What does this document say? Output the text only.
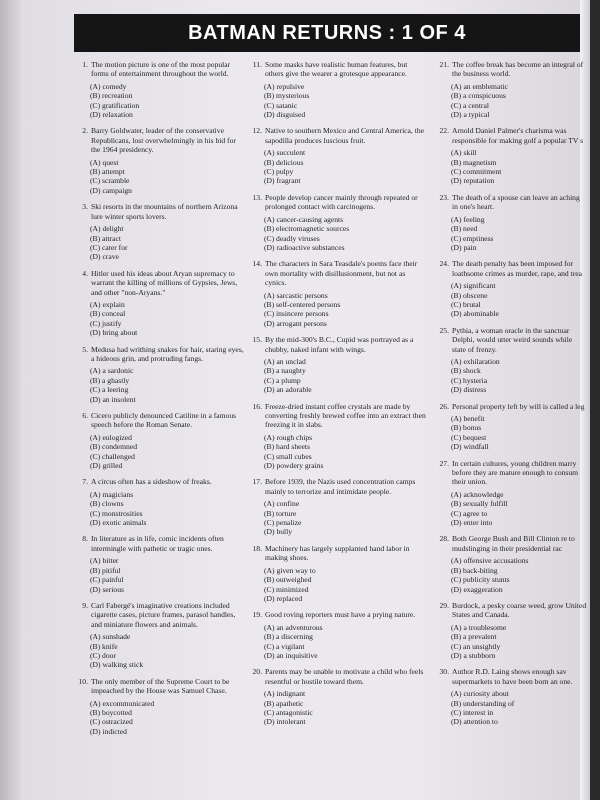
BATMAN RETURNS : 1 OF 4
1. The motion picture is one of the most popular forms of entertainment throughout the world.
(A) comedy
(B) recreation
(C) gratification
(D) relaxation
2. Barry Goldwater, leader of the conservative Republicans, lost overwhelmingly in his bid for the 1964 presidency.
(A) quest
(B) attempt
(C) scramble
(D) campaign
3. Ski resorts in the mountains of northern Arizona lure winter sports lovers.
(A) delight
(B) attract
(C) cater for
(D) crave
4. Hitler used his ideas about Aryan supremacy to warrant the killing of millions of Gypsies, Jews, and other "non-Aryans."
(A) explain
(B) conceal
(C) justify
(D) bring about
5. Medusa had writhing snakes for hair, staring eyes, a hideous grin, and protruding fangs.
(A) a sardonic
(B) a ghastly
(C) a leering
(D) an insolent
6. Cicero publicly denounced Catiline in a famous speech before the Roman Senate.
(A) eulogized
(B) condemned
(C) challenged
(D) grilled
7. A circus often has a sideshow of freaks.
(A) magicians
(B) clowns
(C) monstrosities
(D) exotic animals
8. In literature as in life, comic incidents often intermingle with pathetic or tragic ones.
(A) bitter
(B) pitiful
(C) painful
(D) serious
9. Carl Fabergé's imaginative creations included cigarette cases, picture frames, parasol handles, and miniature flowers and animals.
(A) sunshade
(B) knife
(C) door
(D) walking stick
10. The only member of the Supreme Court to be impeached by the House was Samuel Chase.
(A) excommunicated
(B) boycotted
(C) ostracized
(D) indicted
11. Some masks have realistic human features, but others give the wearer a grotesque appearance.
(A) repulsive
(B) mysterious
(C) satanic
(D) disguised
12. Native to southern Mexico and Central America, the sapodilla produces luscious fruit.
(A) succulent
(B) delicious
(C) pulpy
(D) fragrant
13. People develop cancer mainly through repeated or prolonged contact with carcinogens.
(A) cancer-causing agents
(B) electromagnetic sources
(C) deadly viruses
(D) radioactive substances
14. The characters in Sara Teasdale's poems face their own mortality with disillusionment, but not as cynics.
(A) sarcastic persons
(B) self-centered persons
(C) insincere persons
(D) arrogant persons
15. By the mid-300's B.C., Cupid was portrayed as a chubby, naked infant with wings.
(A) an unclad
(B) a naughty
(C) a plump
(D) an adorable
16. Freeze-dried instant coffee crystals are made by converting freshly brewed coffee into an extract then freezing it in slabs.
(A) rough chips
(B) hard sheets
(C) small cubes
(D) powdery grains
17. Before 1939, the Nazis used concentration camps mainly to terrorize and intimidate people.
(A) confine
(B) torture
(C) penalize
(D) bully
18. Machinery has largely supplanted hand labor in making shoes.
(A) given way to
(B) outweighed
(C) minimized
(D) replaced
19. Good roving reporters must have a prying nature.
(A) an adventurous
(B) a discerning
(C) a vigilant
(D) an inquisitive
20. Parents may be unable to motivate a child who feels resentful or hostile toward them.
(A) indignant
(B) apathetic
(C) antagonistic
(D) intolerant
21. The coffee break has become an integral of the business world.
(A) an emblematic
(B) a conspicuous
(C) a central
(D) a typical
22. Arnold Daniel Palmer's charisma was responsible for making golf a popular TV s
(A) skill
(B) magnetism
(C) commitment
(D) reputation
23. The death of a spouse can leave an aching in one's heart.
(A) feeling
(B) need
(C) emptiness
(D) pain
24. The death penalty has been imposed for loathsome crimes as murder, rape, and trea
(A) significant
(B) obscene
(C) brutal
(D) abominable
25. Pythia, a woman oracle in the sanctuar Delphi, would utter weird sounds while state of frenzy.
(A) exhilaration
(B) shock
(C) hysteria
(D) distress
26. Personal property left by will is called a leg
(A) benefit
(B) bonus
(C) bequest
(D) windfall
27. In certain cultures, young children marry before they are mature enough to consum their union.
(A) acknowledge
(B) sexually fulfill
(C) agree to
(D) enter into
28. Both George Bush and Bill Clinton re to mudslinging in their presidential rac
(A) offensive accusations
(B) back-biting
(C) publicity stunts
(D) exaggeration
29. Burdock, a pesky coarse weed, grow United States and Canada.
(A) a troublesome
(B) a prevalent
(C) an unsightly
(D) a stubborn
30. Author R.D. Laing shows enough sav supermarkets to have been born an one.
(A) curiosity about
(B) understanding of
(C) interest in
(D) attention to
